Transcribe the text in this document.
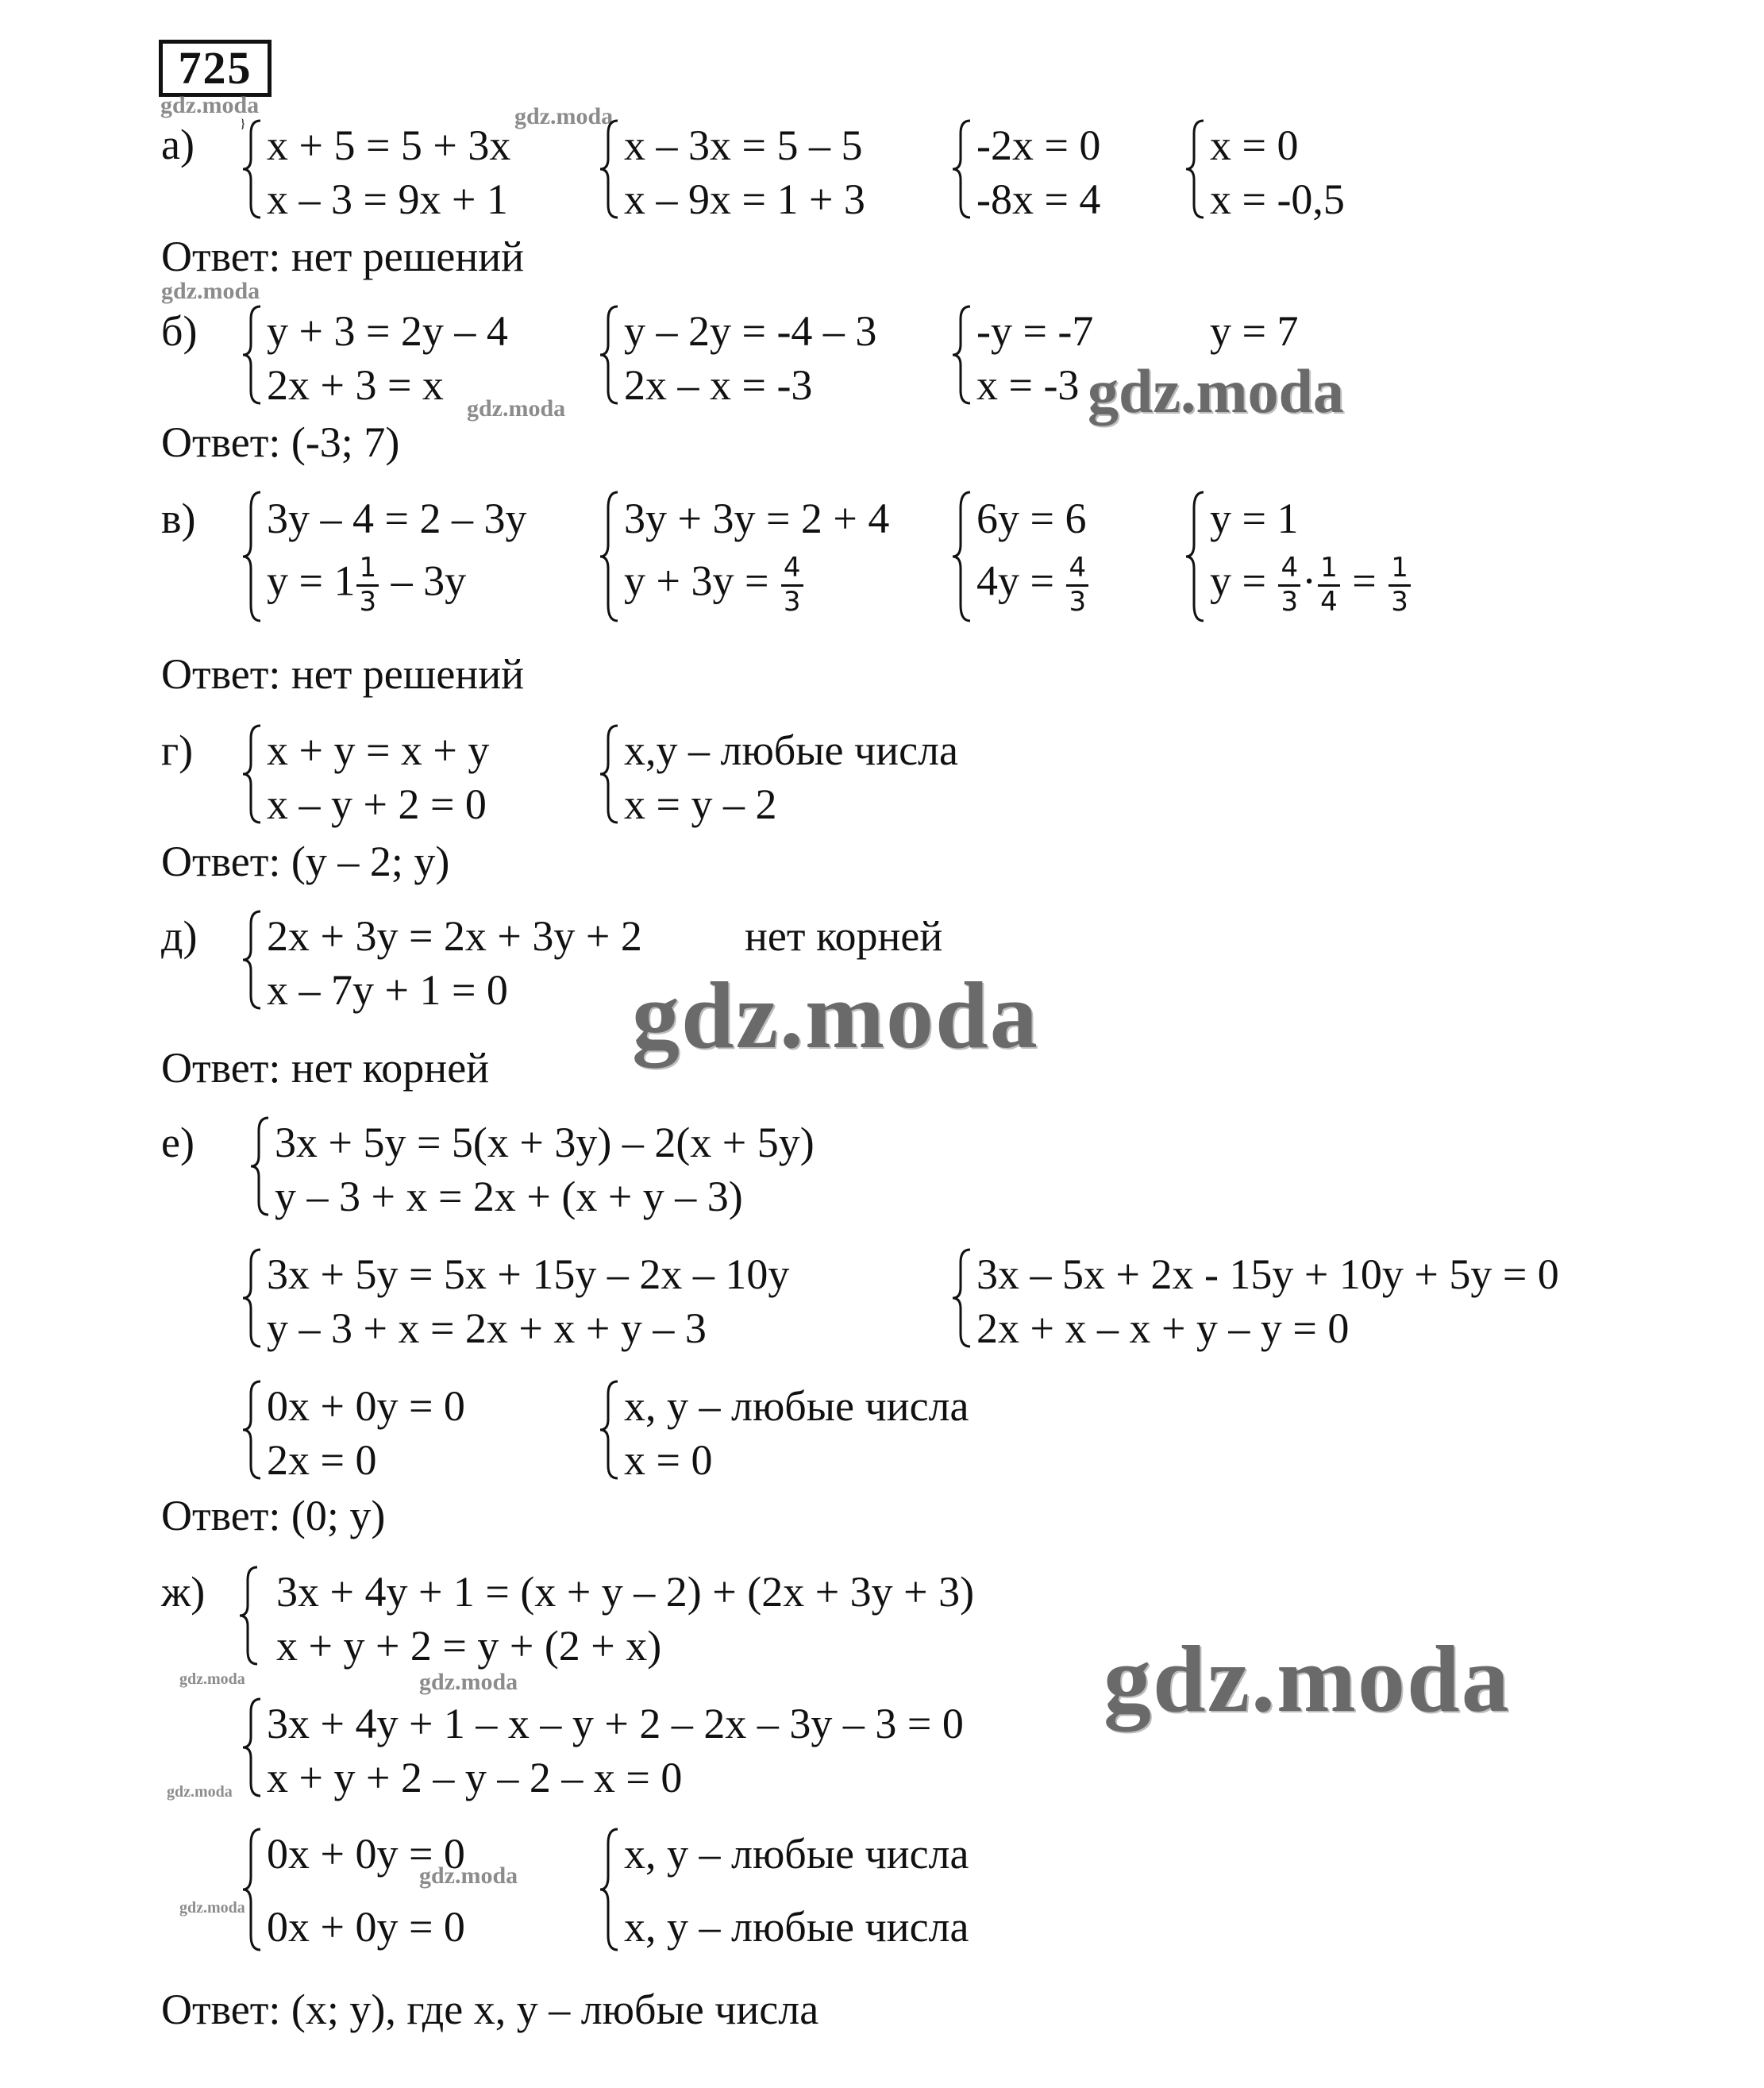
725
gdz.moda
а)
gdz.moda
x + 5 = 5 + 3x
x – 3 = 9x + 1
}	x – 3x = 5 – 5
x – 9x = 1 + 3
-2x = 0
-8x = 4
x = 0
x = -0,5
Ответ: нет решений
gdz.moda
б) y + 3 = 2y – 4
2x + 3 = x
y – 2y = -4 – 3
2x – x = -3
-y = -7
x = -3
y = 7
gdz.moda
gdz.moda
Ответ: (-3; 7)
в) 3y – 4 = 2 – 3y
$y = 1 \frac{1}{3} - 3y$
3y + 3y = 2 + 4
$y + 3y = \frac{4}{3}$
6y = 6
$4y = \frac{4}{3}$
y = 1
$y = \frac{4}{3} \cdot \frac{1}{4} = \frac{1}{3}$
Ответ: нет решений
г) x + y = x + y
x – y + 2 = 0
x,y – любые числа
x = y – 2
Ответ: (y – 2; y)
д) 2x + 3y = 2x + 3y + 2
x – 7y + 1 = 0
нет корней
gdz.moda
Ответ: нет корней
е) 3x + 5y = 5(x + 3y) – 2(x + 5y)
y – 3 + x = 2x + (x + y – 3)
3x + 5y = 5x + 15y – 2x – 10y
y – 3 + x = 2x + x + y – 3
3x – 5x + 2x - 15y + 10y + 5y = 0
2x + x – x + y – y = 0
0x + 0y = 0
2x = 0
x, y – любые числа
x = 0
Ответ: (0; y)
ж) 3x + 4y + 1 = (x + y – 2) + (2x + 3y + 3)
x + y + 2 = y + (2 + x)	gdz.moda
gdz.moda	gdz.moda
3x + 4y + 1 – x – y + 2 – 2x – 3y – 3 = 0
x + y + 2 – y – 2 – x = 0
gdz.moda
0x + 0y = 0
0x + 0y = 0
gdz.moda
gdz.moda
x, y – любые числа
x, y – любые числа
Ответ: (x; y), где x, y – любые числа
